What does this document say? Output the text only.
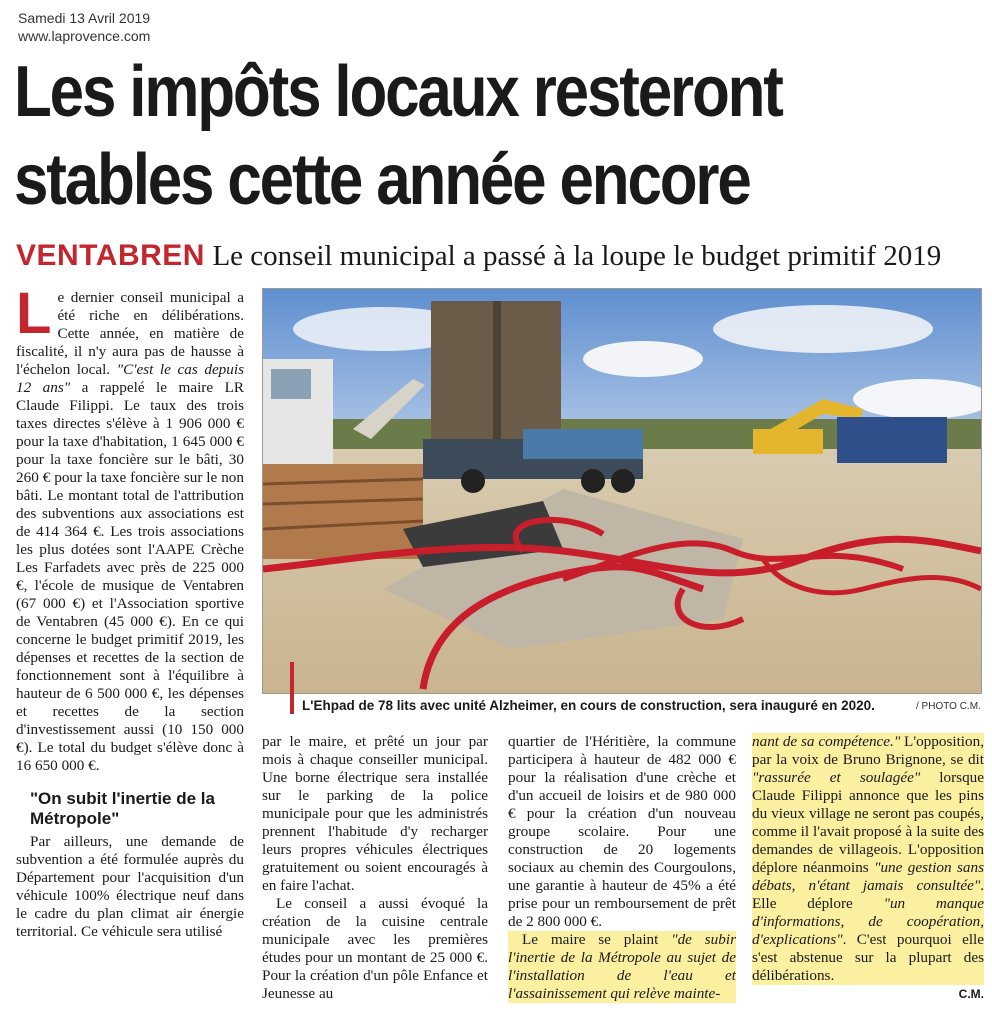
Samedi 13 Avril 2019
www.laprovence.com
Les impôts locaux resteront
stables cette année encore
VENTABREN Le conseil municipal a passé à la loupe le budget primitif 2019

Le dernier conseil municipal a été riche en délibérations. Cette année, en matière de fiscalité, il n'y aura pas de hausse à l'échelon local. "C'est le cas depuis 12 ans" a rappelé le maire LR Claude Filippi. Le taux des trois taxes directes s'élève à 1 906 000 € pour la taxe d'habitation, 1 645 000 € pour la taxe foncière sur le bâti, 30 260 € pour la taxe foncière sur le non bâti. Le montant total de l'attribution des subventions aux associations est de 414 364 €. Les trois associations les plus dotées sont l'AAPE Crèche Les Farfadets avec près de 225 000 €, l'école de musique de Ventabren (67 000 €) et l'Association sportive de Ventabren (45 000 €). En ce qui concerne le budget primitif 2019, les dépenses et recettes de la section de fonctionnement sont à l'équilibre à hauteur de 6 500 000 €, les dépenses et recettes de la section d'investissement aussi (10 150 000 €). Le total du budget s'élève donc à 16 650 000 €.

"On subit l'inertie de la Métropole"

Par ailleurs, une demande de subvention a été formulée auprès du Département pour l'acquisition d'un véhicule 100% électrique neuf dans le cadre du plan climat air énergie territorial. Ce véhicule sera utilisé

L'Ehpad de 78 lits avec unité Alzheimer, en cours de construction, sera inauguré en 2020.	/ PHOTO C.M.

par le maire, et prêté un jour par mois à chaque conseiller municipal. Une borne électrique sera installée sur le parking de la police municipale pour que les administrés prennent l'habitude d'y recharger leurs propres véhicules électriques gratuitement ou soient encouragés à en faire l'achat.

Le conseil a aussi évoqué la création de la cuisine centrale municipale avec les premières études pour un montant de 25 000 €. Pour la création d'un pôle Enfance et Jeunesse au

quartier de l'Héritière, la commune participera à hauteur de 482 000 € pour la réalisation d'une crèche et d'un accueil de loisirs et de 980 000 € pour la création d'un nouveau groupe scolaire. Pour une construction de 20 logements sociaux au chemin des Courgoulons, une garantie à hauteur de 45% a été prise pour un remboursement de prêt de 2 800 000 €.

Le maire se plaint "de subir l'inertie de la Métropole au sujet de l'installation de l'eau et l'assainissement qui relève mainte-

nant de sa compétence." L'opposition, par la voix de Bruno Brignone, se dit "rassurée et soulagée" lorsque Claude Filippi annonce que les pins du vieux village ne seront pas coupés, comme il l'avait proposé à la suite des demandes de villageois. L'opposition déplore néanmoins "une gestion sans débats, n'étant jamais consultée". Elle déplore "un manque d'informations, de coopération, d'explications". C'est pourquoi elle s'est abstenue sur la plupart des délibérations.

C.M.
